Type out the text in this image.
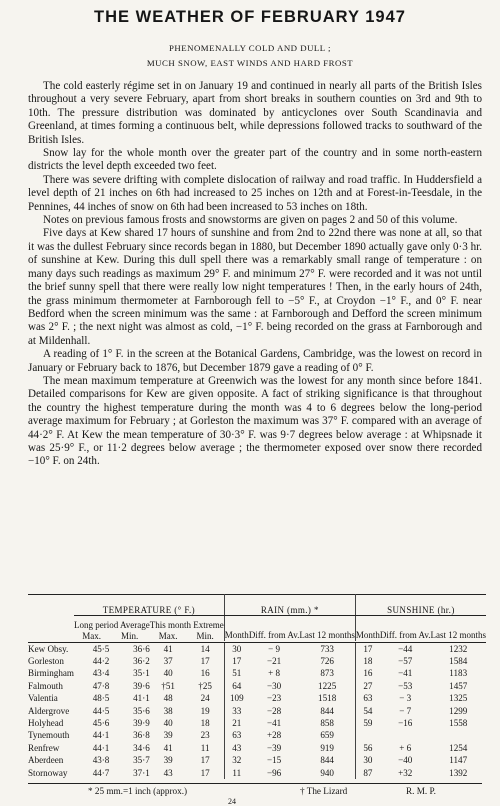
THE WEATHER OF FEBRUARY 1947
PHENOMENALLY COLD AND DULL ;
MUCH SNOW, EAST WINDS AND HARD FROST

The cold easterly régime set in on January 19 and continued in nearly all parts of the British Isles throughout a very severe February, apart from short breaks in southern counties on 3rd and 9th to 10th. The pressure distribution was dominated by anticyclones over South Scandinavia and Greenland, at times forming a continuous belt, while depressions followed tracks to southward of the British Isles.

Snow lay for the whole month over the greater part of the country and in some north-eastern districts the level depth exceeded two feet.

There was severe drifting with complete dislocation of railway and road traffic. In Huddersfield a level depth of 21 inches on 6th had increased to 25 inches on 12th and at Forest-in-Teesdale, in the Pennines, 44 inches of snow on 6th had been increased to 53 inches on 18th.

Notes on previous famous frosts and snowstorms are given on pages 2 and 50 of this volume.

Five days at Kew shared 17 hours of sunshine and from 2nd to 22nd there was none at all, so that it was the dullest February since records began in 1880, but December 1890 actually gave only 0·3 hr. of sunshine at Kew. During this dull spell there was a remarkably small range of temperature : on many days such readings as maximum 29° F. and minimum 27° F. were recorded and it was not until the brief sunny spell that there were really low night temperatures ! Then, in the early hours of 24th, the grass minimum thermometer at Farnborough fell to −5° F., at Croydon −1° F., and 0° F. near Bedford when the screen minimum was the same : at Farnborough and Defford the screen minimum was 2° F. ; the next night was almost as cold, −1° F. being recorded on the grass at Farnborough and at Mildenhall.

A reading of 1° F. in the screen at the Botanical Gardens, Cambridge, was the lowest on record in January or February back to 1876, but December 1879 gave a reading of 0° F.

The mean maximum temperature at Greenwich was the lowest for any month since before 1841. Detailed comparisons for Kew are given opposite. A fact of striking significance is that throughout the country the highest temperature during the month was 4 to 6 degrees below the long-period average maximum for February ; at Gorleston the maximum was 37° F. compared with an average of 44·2° F. At Kew the mean temperature of 30·3° F. was 9·7 degrees below average : at Whipsnade it was 25·9° F., or 11·2 degrees below average ; the thermometer exposed over snow there recorded −10° F. on 24th.

	TEMPERATURE (° F.)				RAIN (mm.) *			SUNSHINE (hr.)		
	Long period Average		This month Extreme		Month	Diff. from Av.	Last 12 months	Month	Diff. from Av.	Last 12 months
	Max.	Min.	Max.	Min.						

Kew Obsy.	45·5	36·6	41	14	30	− 9	733	17	−44	1232
Gorleston	44·2	36·2	37	17	17	−21	726	18	−57	1584
Birmingham	43·4	35·1	40	16	51	+ 8	873	16	−41	1183
Falmouth	47·8	39·6	†51	†25	64	−30	1225	27	−53	1457
Valentia	48·5	41·1	48	24	109	−23	1518	63	− 3	1325
Aldergrove	44·5	35·6	38	19	33	−28	844	54	− 7	1299
Holyhead	45·6	39·9	40	18	21	−41	858	59	−16	1558
Tynemouth	44·1	36·8	39	23	63	+28	659			
Renfrew	44·1	34·6	41	11	43	−39	919	56	+ 6	1254
Aberdeen	43·8	35·7	39	17	32	−15	844	30	−40	1147
Stornoway	44·7	37·1	43	17	11	−96	940	87	+32	1392
* 25 mm.=1 inch (approx.)	† The Lizard	R. M. P.
24
